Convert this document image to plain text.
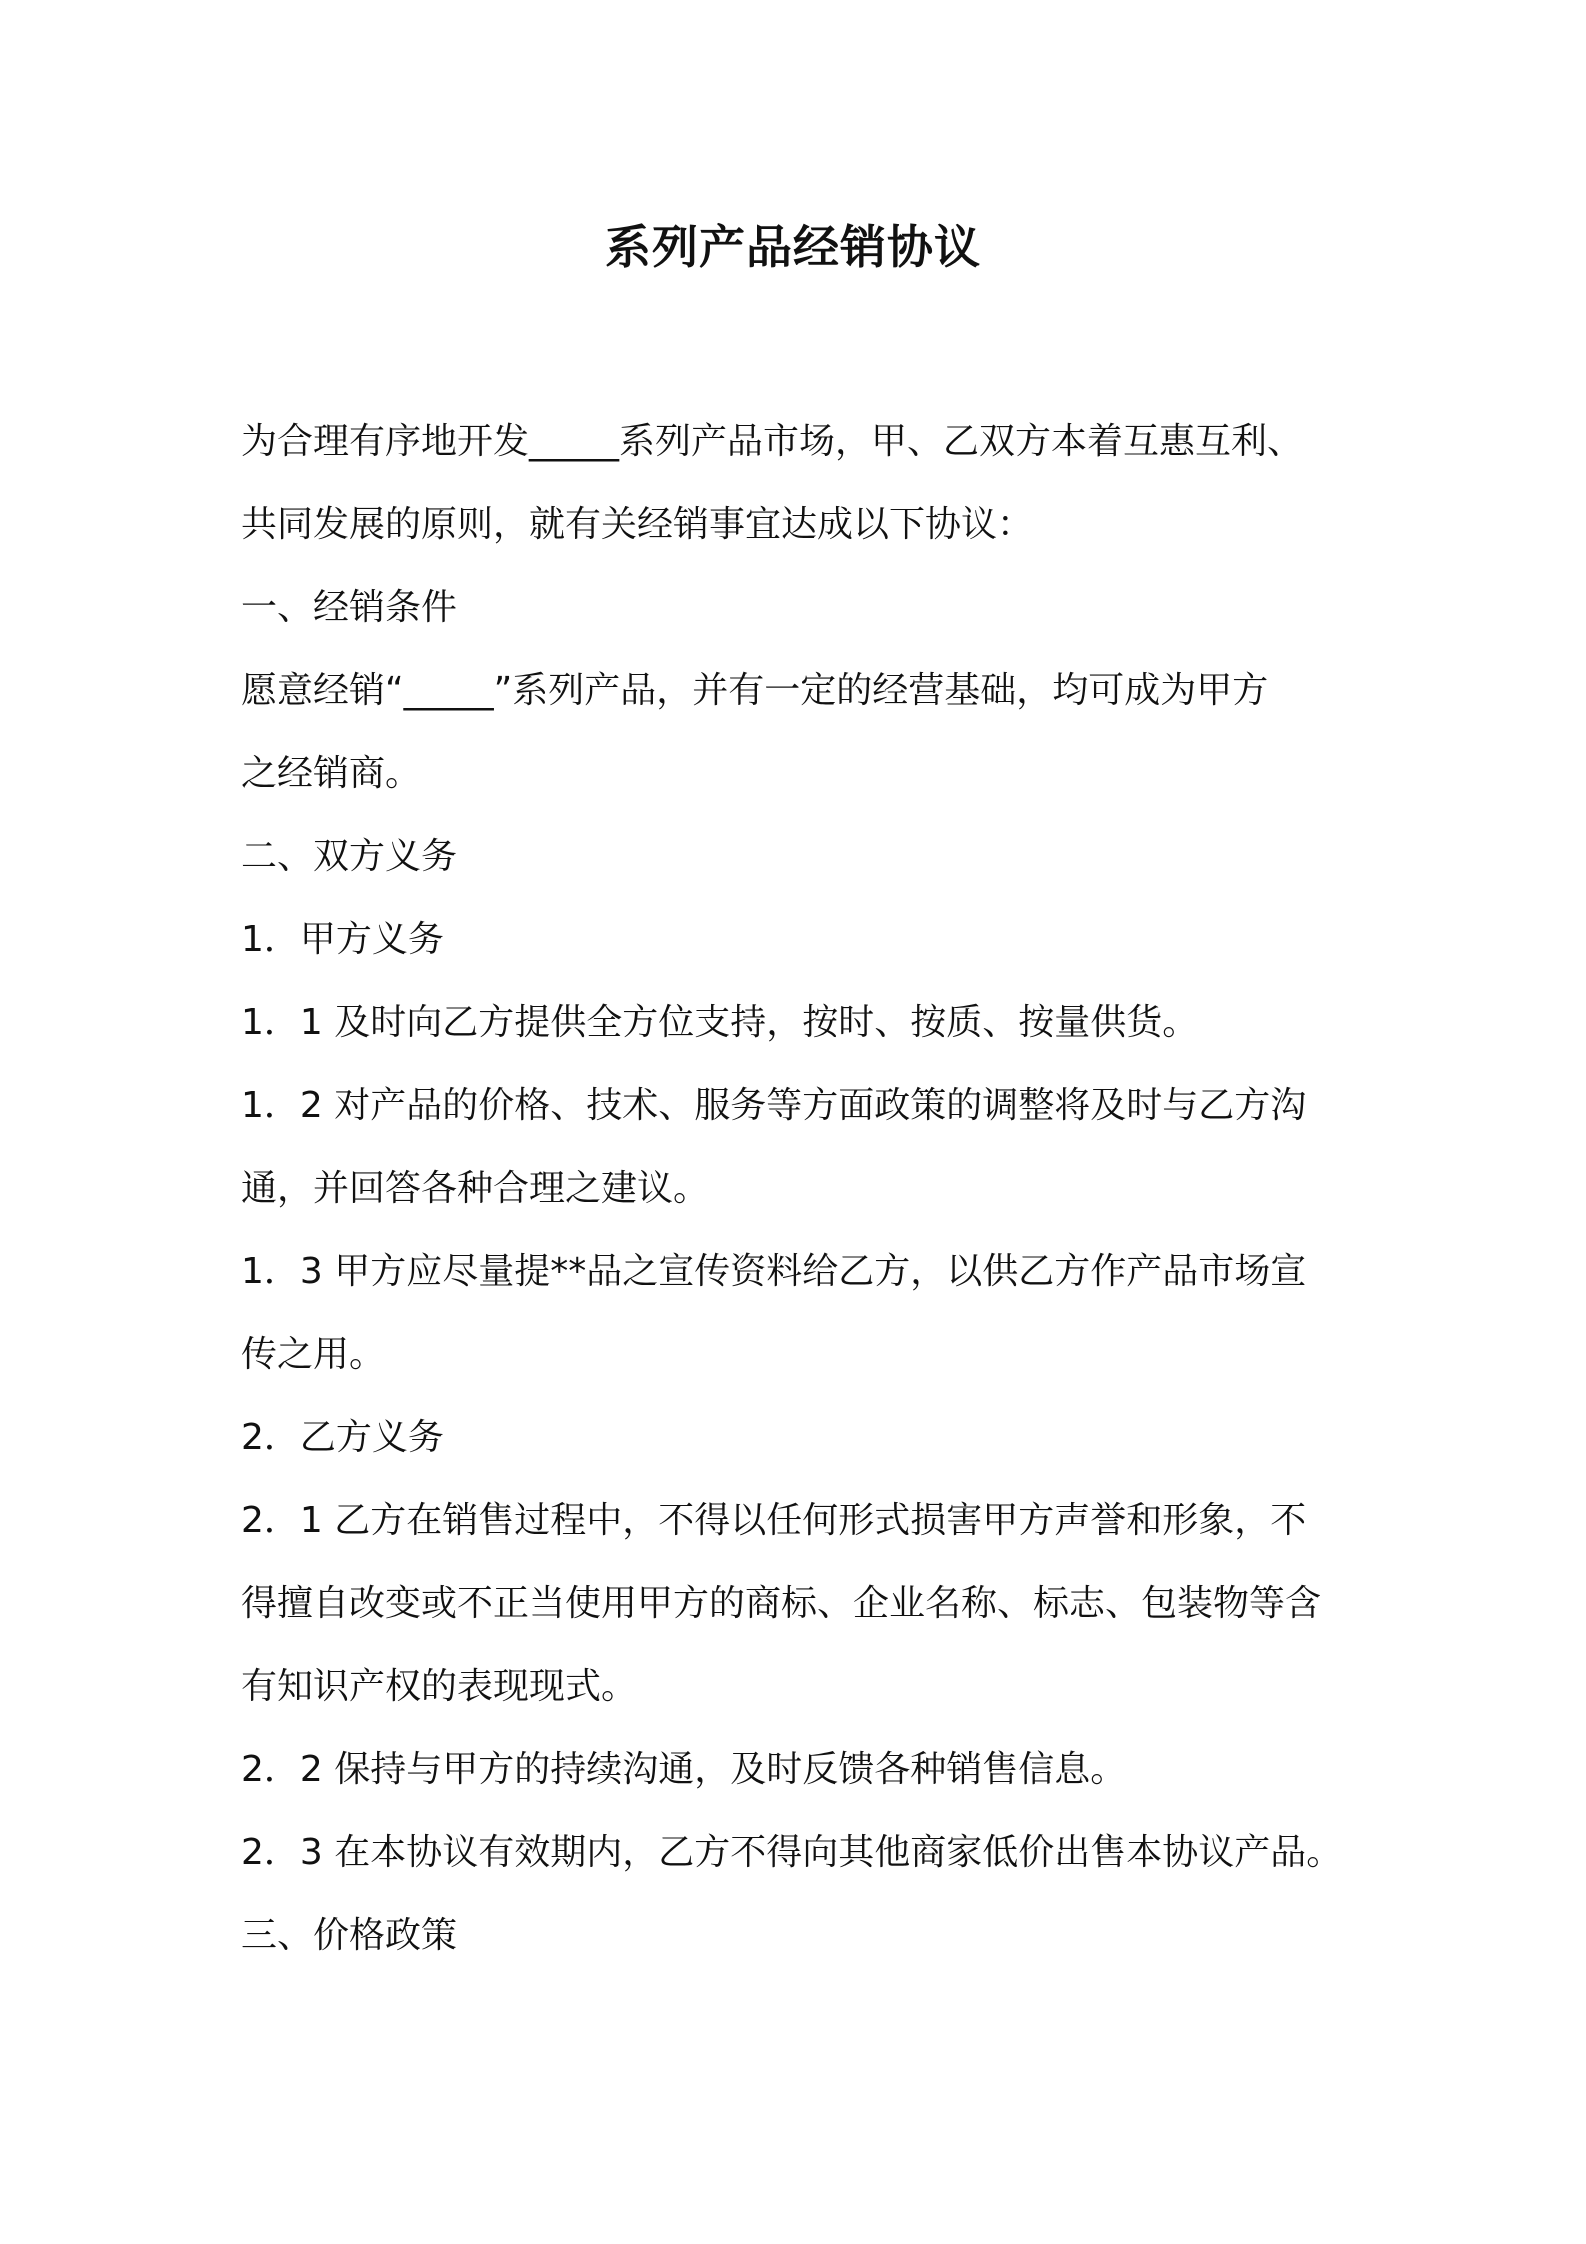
系列产品经销协议

为合理有序地开发_____系列产品市场，甲、乙双方本着互惠互利、

共同发展的原则，就有关经销事宜达成以下协议：

一、经销条件

愿意经销“_____”系列产品，并有一定的经营基础，均可成为甲方

之经销商。

二、双方义务

1．甲方义务

1．1 及时向乙方提供全方位支持，按时、按质、按量供货。

1．2 对产品的价格、技术、服务等方面政策的调整将及时与乙方沟

通，并回答各种合理之建议。

1．3 甲方应尽量提**品之宣传资料给乙方，以供乙方作产品市场宣

传之用。

2．乙方义务

2．1 乙方在销售过程中，不得以任何形式损害甲方声誉和形象，不

得擅自改变或不正当使用甲方的商标、企业名称、标志、包装物等含

有知识产权的表现现式。

2．2 保持与甲方的持续沟通，及时反馈各种销售信息。

2．3 在本协议有效期内，乙方不得向其他商家低价出售本协议产品。

三、价格政策
